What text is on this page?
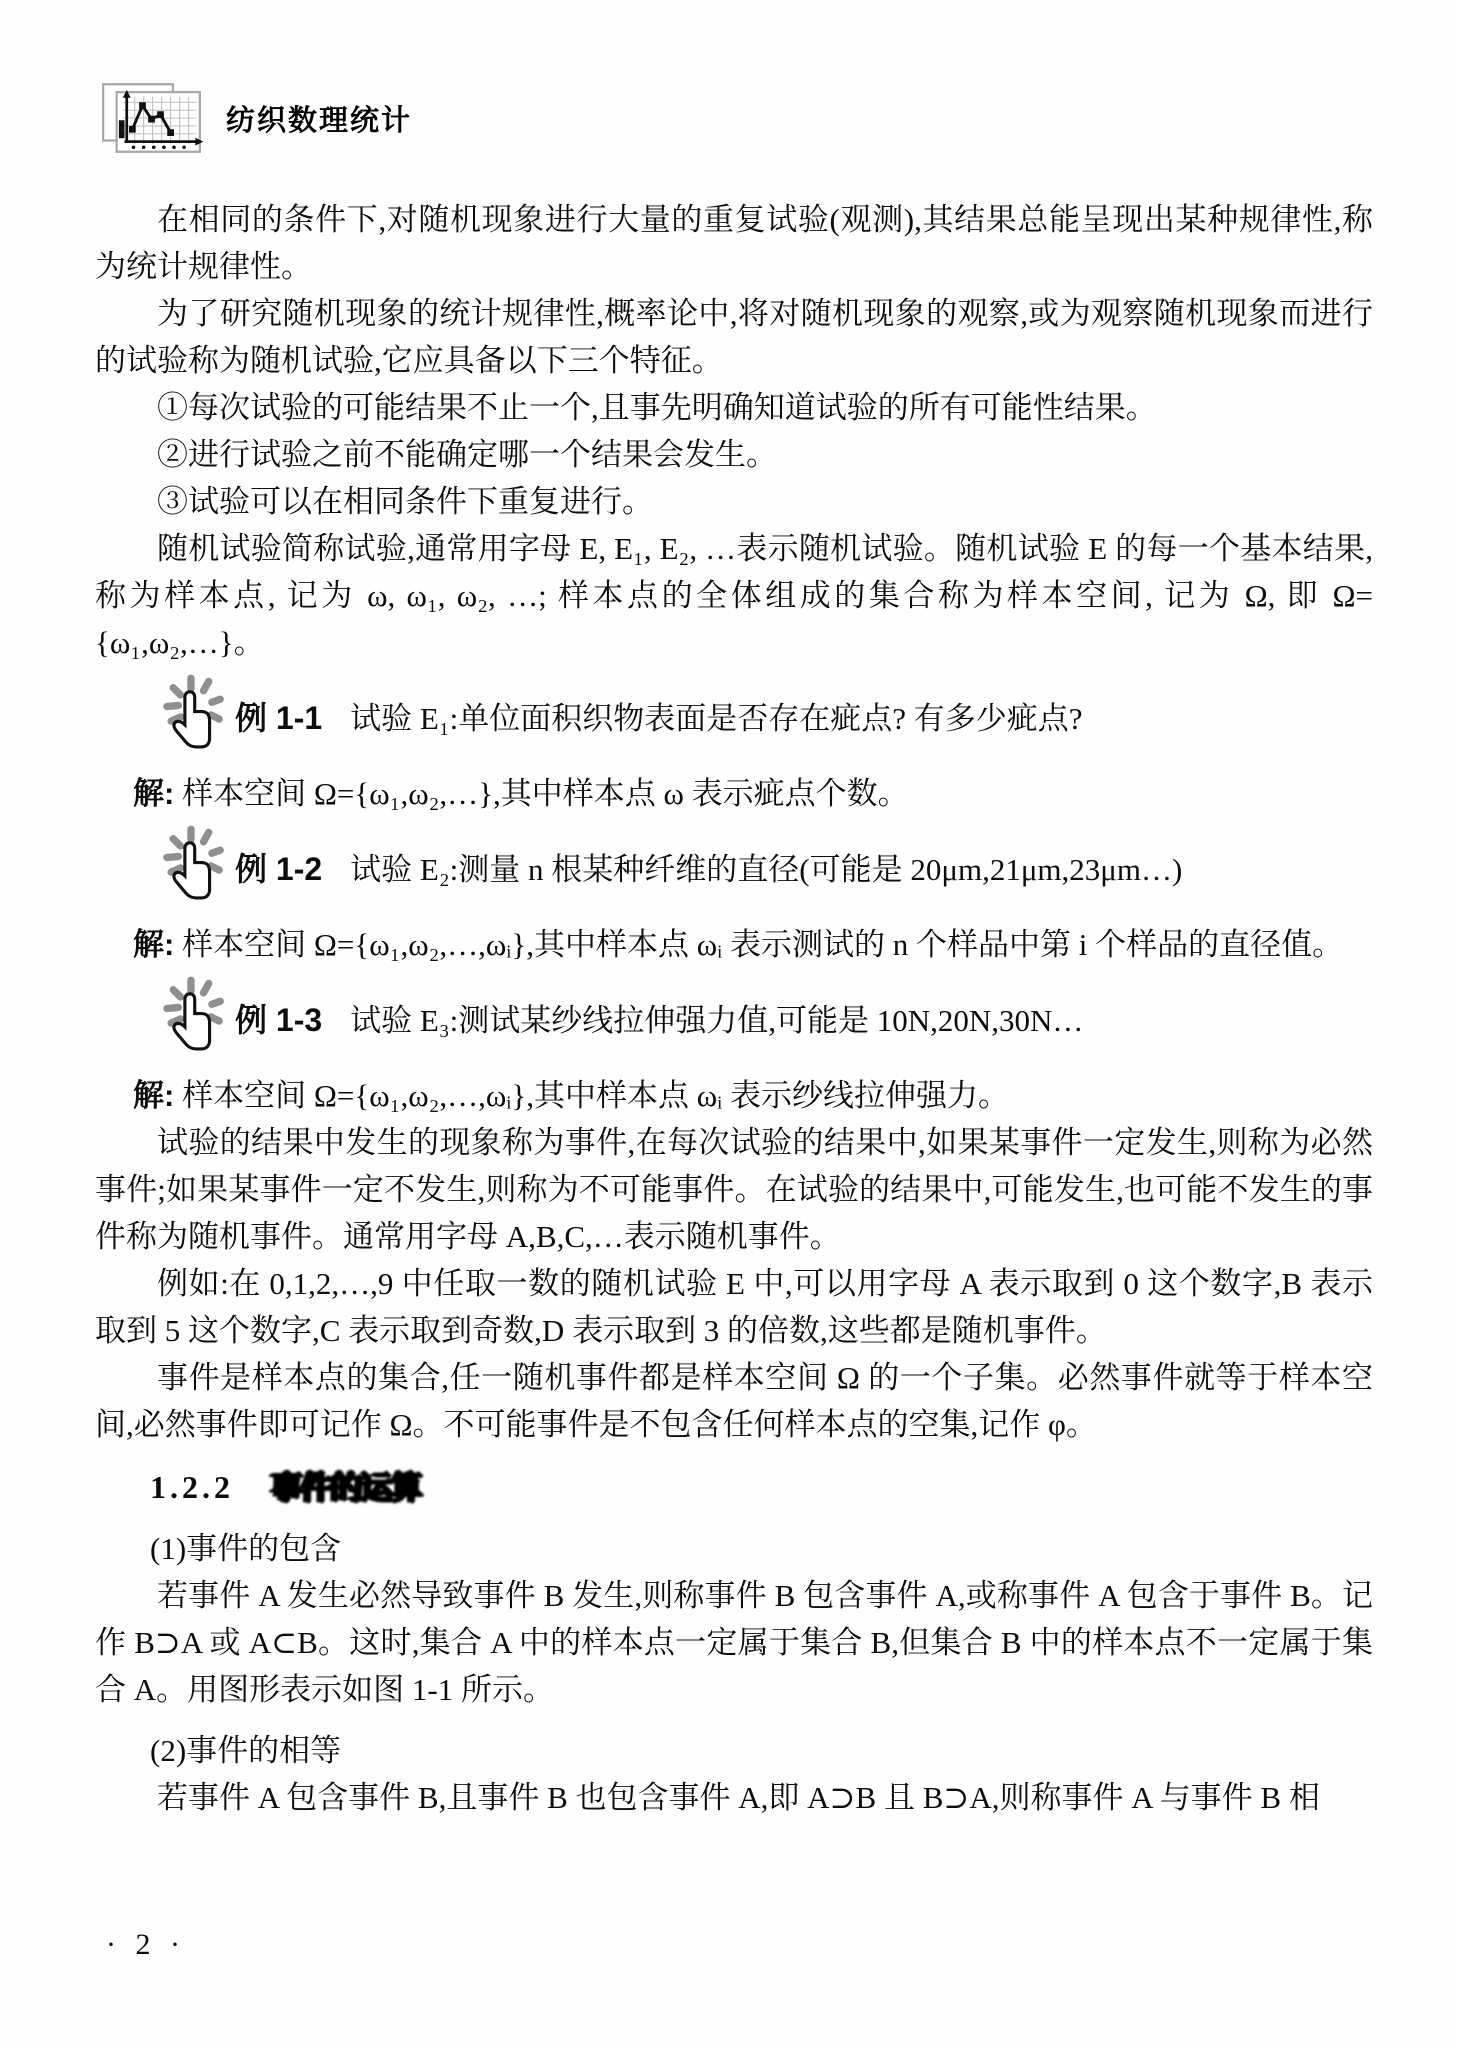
纺织数理统计

在相同的条件下,对随机现象进行大量的重复试验(观测),其结果总能呈现出某种规律性,称为统计规律性。

为了研究随机现象的统计规律性,概率论中,将对随机现象的观察,或为观察随机现象而进行的试验称为随机试验,它应具备以下三个特征。

①每次试验的可能结果不止一个,且事先明确知道试验的所有可能性结果。

②进行试验之前不能确定哪一个结果会发生。

③试验可以在相同条件下重复进行。

随机试验简称试验,通常用字母 E, E₁, E₂, …表示随机试验。随机试验 E 的每一个基本结果, 称为样本点, 记为 ω, ω₁, ω₂, …; 样本点的全体组成的集合称为样本空间, 记为 Ω, 即 Ω={ω₁,ω₂,…}。

例 1-1 试验 E₁:单位面积织物表面是否存在疵点? 有多少疵点?

解: 样本空间 Ω={ω₁,ω₂,…},其中样本点 ω 表示疵点个数。

例 1-2 试验 E₂:测量 n 根某种纤维的直径(可能是 20μm,21μm,23μm…)

解: 样本空间 Ω={ω₁,ω₂,…,ωᵢ},其中样本点 ωᵢ 表示测试的 n 个样品中第 i 个样品的直径值。

例 1-3 试验 E₃:测试某纱线拉伸强力值,可能是 10N,20N,30N…

解: 样本空间 Ω={ω₁,ω₂,…,ωᵢ},其中样本点 ωᵢ 表示纱线拉伸强力。

试验的结果中发生的现象称为事件,在每次试验的结果中,如果某事件一定发生,则称为必然事件;如果某事件一定不发生,则称为不可能事件。在试验的结果中,可能发生,也可能不发生的事件称为随机事件。通常用字母 A,B,C,…表示随机事件。

例如:在 0,1,2,…,9 中任取一数的随机试验 E 中,可以用字母 A 表示取到 0 这个数字,B 表示取到 5 这个数字,C 表示取到奇数,D 表示取到 3 的倍数,这些都是随机事件。

事件是样本点的集合,任一随机事件都是样本空间 Ω 的一个子集。必然事件就等于样本空间,必然事件即可记作 Ω。不可能事件是不包含任何样本点的空集,记作 φ。

1.2.2 事件的运算

(1)事件的包含

若事件 A 发生必然导致事件 B 发生,则称事件 B 包含事件 A,或称事件 A 包含于事件 B。记作 B⊃A 或 A⊂B。这时,集合 A 中的样本点一定属于集合 B,但集合 B 中的样本点不一定属于集合 A。用图形表示如图 1-1 所示。

(2)事件的相等

若事件 A 包含事件 B,且事件 B 也包含事件 A,即 A⊃B 且 B⊃A,则称事件 A 与事件 B 相

· 2 ·
